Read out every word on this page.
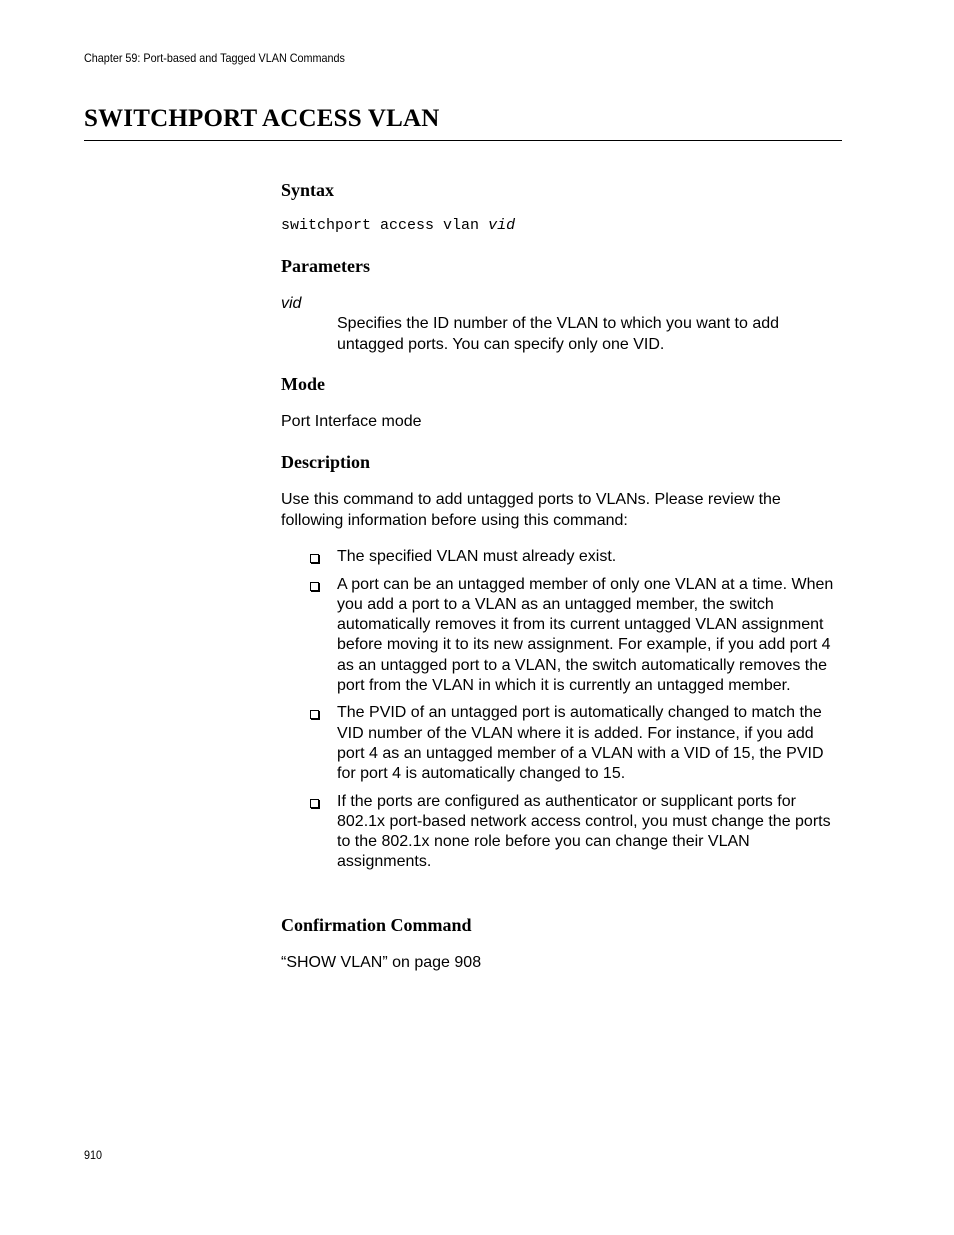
Chapter 59: Port-based and Tagged VLAN Commands
SWITCHPORT ACCESS VLAN
Syntax
switchport access vlan vid
Parameters
vid
Specifies the ID number of the VLAN to which you want to add untagged ports. You can specify only one VID.
Mode
Port Interface mode
Description
Use this command to add untagged ports to VLANs. Please review the following information before using this command:
The specified VLAN must already exist.
A port can be an untagged member of only one VLAN at a time. When you add a port to a VLAN as an untagged member, the switch automatically removes it from its current untagged VLAN assignment before moving it to its new assignment. For example, if you add port 4 as an untagged port to a VLAN, the switch automatically removes the port from the VLAN in which it is currently an untagged member.
The PVID of an untagged port is automatically changed to match the VID number of the VLAN where it is added. For instance, if you add port 4 as an untagged member of a VLAN with a VID of 15, the PVID for port 4 is automatically changed to 15.
If the ports are configured as authenticator or supplicant ports for 802.1x port-based network access control, you must change the ports to the 802.1x none role before you can change their VLAN assignments.
Confirmation Command
“SHOW VLAN” on page 908
910
